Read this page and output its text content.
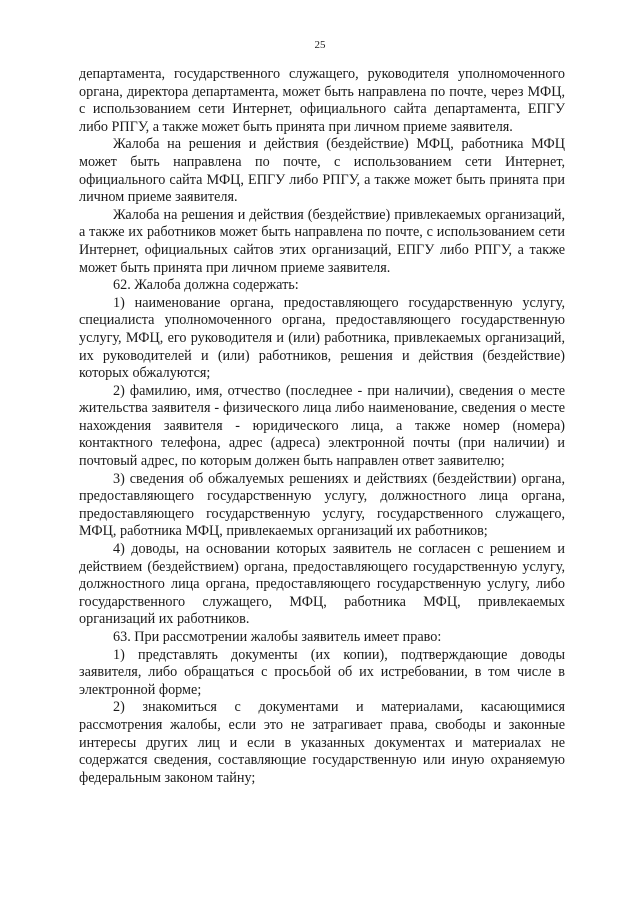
25

департамента, государственного служащего, руководителя уполномоченного органа, директора департамента, может быть направлена по почте, через МФЦ, с использованием сети Интернет, официального сайта департамента, ЕПГУ либо РПГУ, а также может быть принята при личном приеме заявителя.

Жалоба на решения и действия (бездействие) МФЦ, работника МФЦ может быть направлена по почте, с использованием сети Интернет, официального сайта МФЦ, ЕПГУ либо РПГУ, а также может быть принята при личном приеме заявителя.

Жалоба на решения и действия (бездействие) привлекаемых организаций, а также их работников может быть направлена по почте, с использованием сети Интернет, официальных сайтов этих организаций, ЕПГУ либо РПГУ, а также может быть принята при личном приеме заявителя.

62. Жалоба должна содержать:

1) наименование органа, предоставляющего государственную услугу, специалиста уполномоченного органа, предоставляющего государственную услугу, МФЦ, его руководителя и (или) работника, привлекаемых организаций, их руководителей и (или) работников, решения и действия (бездействие) которых обжалуются;

2) фамилию, имя, отчество (последнее - при наличии), сведения о месте жительства заявителя - физического лица либо наименование, сведения о месте нахождения заявителя - юридического лица, а также номер (номера) контактного телефона, адрес (адреса) электронной почты (при наличии) и почтовый адрес, по которым должен быть направлен ответ заявителю;

3) сведения об обжалуемых решениях и действиях (бездействии) органа, предоставляющего государственную услугу, должностного лица органа, предоставляющего государственную услугу, государственного служащего, МФЦ, работника МФЦ, привлекаемых организаций их работников;

4) доводы, на основании которых заявитель не согласен с решением и действием (бездействием) органа, предоставляющего государственную услугу, должностного лица органа, предоставляющего государственную услугу, либо государственного служащего, МФЦ, работника МФЦ, привлекаемых организаций их работников.

63. При рассмотрении жалобы заявитель имеет право:

1) представлять документы (их копии), подтверждающие доводы заявителя, либо обращаться с просьбой об их истребовании, в том числе в электронной форме;

2) знакомиться с документами и материалами, касающимися рассмотрения жалобы, если это не затрагивает права, свободы и законные интересы других лиц и если в указанных документах и материалах не содержатся сведения, составляющие государственную или иную охраняемую федеральным законом тайну;
